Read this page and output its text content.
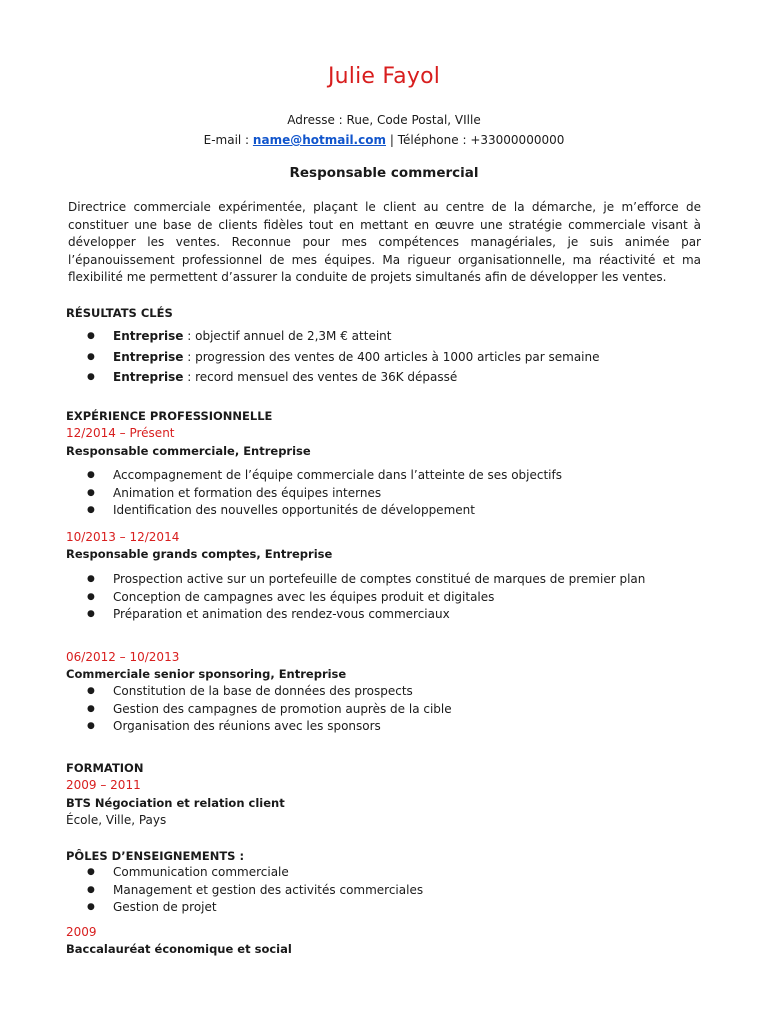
Julie Fayol
Adresse : Rue, Code Postal, VIlle
E-mail : name@hotmail.com | Téléphone : +33000000000
Responsable commercial
Directrice commerciale expérimentée, plaçant le client au centre de la démarche, je m’efforce de constituer une base de clients fidèles tout en mettant en œuvre une stratégie commerciale visant à développer les ventes. Reconnue pour mes compétences managériales, je suis animée par l’épanouissement professionnel de mes équipes. Ma rigueur organisationnelle, ma réactivité et ma flexibilité me permettent d’assurer la conduite de projets simultanés afin de développer les ventes.
RÉSULTATS CLÉS
● Entreprise : objectif annuel de 2,3M € atteint
● Entreprise : progression des ventes de 400 articles à 1000 articles par semaine
● Entreprise : record mensuel des ventes de 36K dépassé
EXPÉRIENCE PROFESSIONNELLE
12/2014 – Présent
Responsable commerciale, Entreprise
● Accompagnement de l’équipe commerciale dans l’atteinte de ses objectifs
● Animation et formation des équipes internes
● Identification des nouvelles opportunités de développement
10/2013 – 12/2014
Responsable grands comptes, Entreprise
● Prospection active sur un portefeuille de comptes constitué de marques de premier plan
● Conception de campagnes avec les équipes produit et digitales
● Préparation et animation des rendez-vous commerciaux
06/2012 – 10/2013
Commerciale senior sponsoring, Entreprise
● Constitution de la base de données des prospects
● Gestion des campagnes de promotion auprès de la cible
● Organisation des réunions avec les sponsors
FORMATION
2009 – 2011
BTS Négociation et relation client
École, Ville, Pays
PÔLES D’ENSEIGNEMENTS :
● Communication commerciale
● Management et gestion des activités commerciales
● Gestion de projet
2009
Baccalauréat économique et social
